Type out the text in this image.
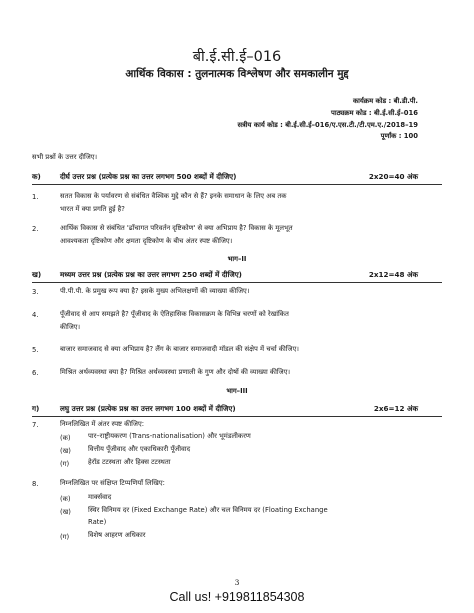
बी.ई.सी.ई–016
आर्थिक विकास : तुलनात्मक विश्लेषण और समकालीन मुद्द
कार्यक्रम कोड : बी.डी.पी.
पाठ्यक्रम कोड : बी.ई.सी.ई–016
सत्रीय कार्य कोड : बी.ई.सी.ई–016/ए.एस.टी./टी.एम.ए./2018–19
पूर्णांक : 100
सभी प्रश्नों के उत्तर दीजिए।
क)	दीर्घ उत्तर प्रश्न (प्रत्येक प्रश्न का उत्तर लगभग 500 शब्दों में दीजिए)	2x20=40 अंक
1.	सतत विकास के पर्यावरण से संबंधित वैश्विक मुद्दे कौन से हैं? इनके समाधान के लिए अब तक
भारत में क्या प्रगति हुई है?
2.	आर्थिक विकास से संबंधित 'ढाँचागत परिवर्तन दृष्टिकोण' से क्या अभिप्राय है? विकास के मूलभूत
आवश्यकता दृष्टिकोण और क्षमता दृष्टिकोण के बीच अंतर स्पष्ट कीजिए।
भाग–II
ख)	मध्यम उत्तर प्रश्न (प्रत्येक प्रश्न का उत्तर लगभग 250 शब्दों में दीजिए)	2x12=48 अंक
3.	पी.पी.पी. के प्रमुख रूप क्या है? इसके मुख्य अभिलक्षणों की व्याख्या कीजिए।
4.	पूँजीवाद से आप समझते है? पूँजीवाद के ऐतिहासिक विकासक्रम के विभिन्न चरणों को रेखांकित
कीजिए।
5.	बाजार समाजवाद से क्या अभिप्राय है? लैंग के बाजार समाजवादी मॉडल की संक्षेप में चर्चा कीजिए।
6.	मिश्रित अर्थव्यवस्था क्या है? मिश्रित अर्थव्यवस्था प्रणाली के गुण और दोषों की व्याख्या कीजिए।
भाग–III
ग)	लघु उत्तर प्रश्न (प्रत्येक प्रश्न का उत्तर लगभग 100 शब्दों में दीजिए)	2x6=12 अंक
7.	निम्नलिखित में अंतर स्पष्ट कीजिए:
(क)	पार–राष्ट्रीयकरण (Trans-nationalisation) और भूमंडलीकरण
(ख)	वित्तीय पूँजीवाद और एकाधिकारी पूँजीवाद
(ग)	हेरॉड टटस्थता और हिक्स टटस्थता
8.	निम्नलिखित पर संक्षिप्त टिप्पणियाँ लिखिए:
(क)	मार्क्सवाद
(ख)	स्थिर विनिमय दर (Fixed Exchange Rate) और चल विनिमय दर (Floating Exchange
Rate)
(ग)	विशेष आहरण अधिकार
3
Call us! +919811854308
